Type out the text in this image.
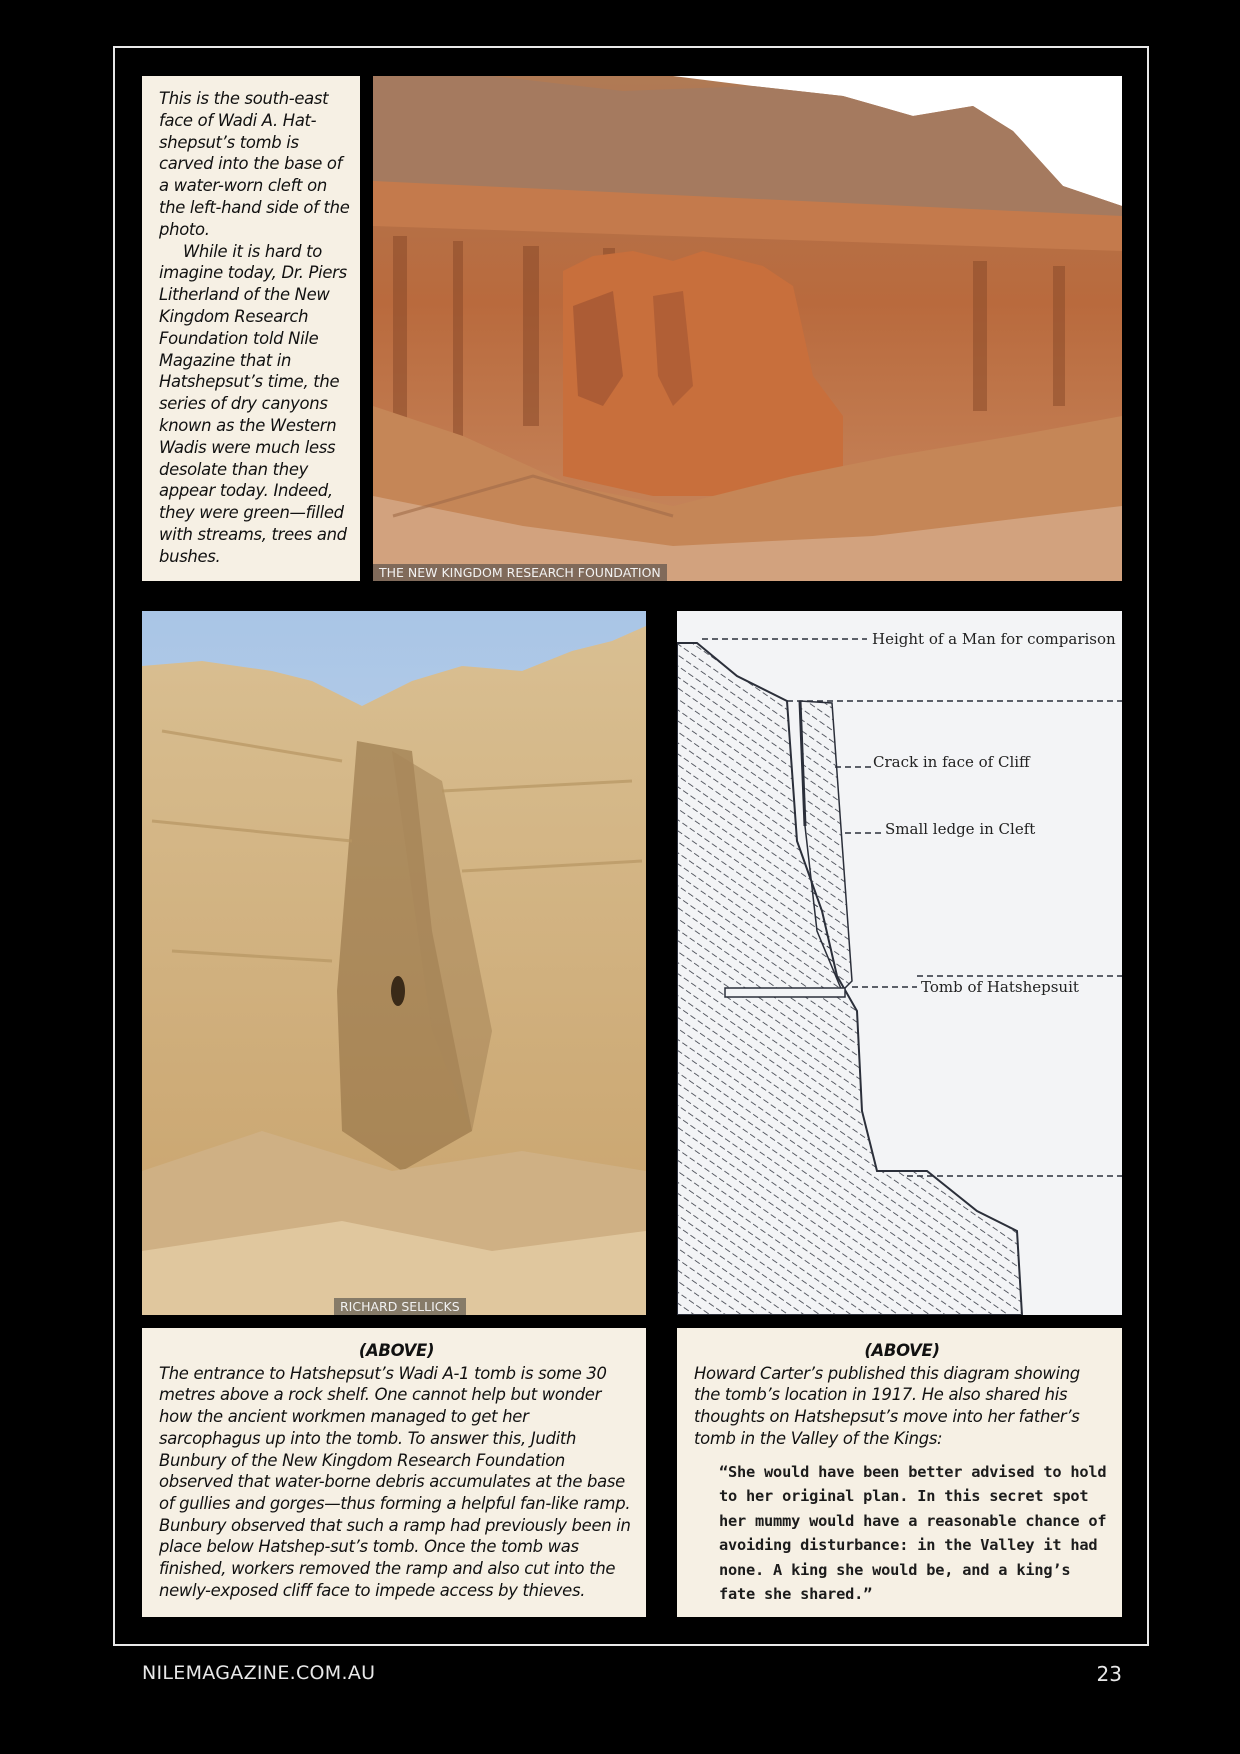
This is the south-east face of Wadi A. Hat-shepsut’s tomb is carved into the base of a water-worn cleft on the left-hand side of the photo.

While it is hard to imagine today, Dr. Piers Litherland of the New Kingdom Research Foundation told Nile Magazine that in Hatshepsut’s time, the series of dry canyons known as the Western Wadis were much less desolate than they appear today. Indeed, they were green—filled with streams, trees and bushes.

THE NEW KINGDOM RESEARCH FOUNDATION
RICHARD SELLICKS
Height of a Man for comparison
Crack in face of Cliff
Small ledge in Cleft
Tomb of Hatshepsuit
(ABOVE)

The entrance to Hatshepsut’s Wadi A-1 tomb is some 30 metres above a rock shelf. One cannot help but wonder how the ancient workmen managed to get her sarcophagus up into the tomb. To answer this, Judith Bunbury of the New Kingdom Research Foundation observed that water-borne debris accumulates at the base of gullies and gorges—thus forming a helpful fan-like ramp. Bunbury observed that such a ramp had previously been in place below Hatshep-sut’s tomb. Once the tomb was finished, workers removed the ramp and also cut into the newly-exposed cliff face to impede access by thieves.

(ABOVE)

Howard Carter’s published this diagram showing the tomb’s location in 1917. He also shared his thoughts on Hatshepsut’s move into her father’s tomb in the Valley of the Kings:

“She would have been better advised to hold to her original plan. In this secret spot her mummy would have a reasonable chance of avoiding disturbance: in the Valley it had none. A king she would be, and a king’s fate she shared.”

NILEMAGAZINE.COM.AU	23
